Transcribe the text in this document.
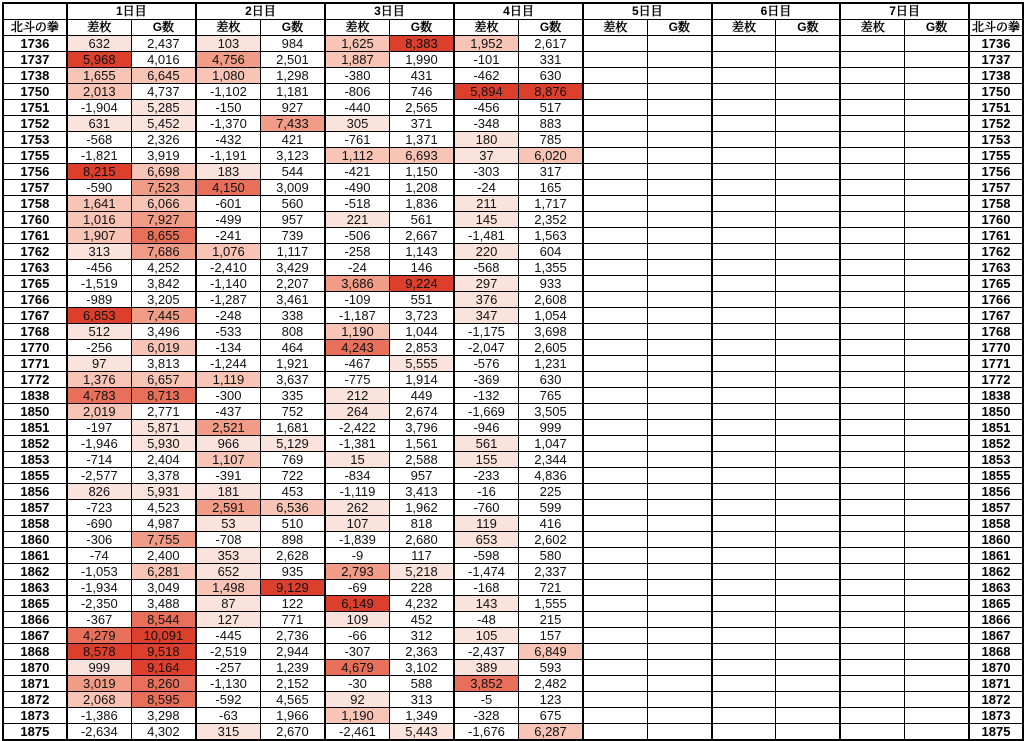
	1日目		2日目		3日目		4日目		5日目		6日目		7日目		
北斗の拳	差枚	G数	差枚	G数	差枚	G数	差枚	G数	差枚	G数	差枚	G数	差枚	G数	北斗の拳
1736	632	2,437	103	984	1,625	8,383	1,952	2,617							1736
1737	5,968	4,016	4,756	2,501	1,887	1,990	-101	331							1737
1738	1,655	6,645	1,080	1,298	-380	431	-462	630							1738
1750	2,013	4,737	-1,102	1,181	-806	746	5,894	8,876							1750
1751	-1,904	5,285	-150	927	-440	2,565	-456	517							1751
1752	631	5,452	-1,370	7,433	305	371	-348	883							1752
1753	-568	2,326	-432	421	-761	1,371	180	785							1753
1755	-1,821	3,919	-1,191	3,123	1,112	6,693	37	6,020							1755
1756	8,215	6,698	183	544	-421	1,150	-303	317							1756
1757	-590	7,523	4,150	3,009	-490	1,208	-24	165							1757
1758	1,641	6,066	-601	560	-518	1,836	211	1,717							1758
1760	1,016	7,927	-499	957	221	561	145	2,352							1760
1761	1,907	8,655	-241	739	-506	2,667	-1,481	1,563							1761
1762	313	7,686	1,076	1,117	-258	1,143	220	604							1762
1763	-456	4,252	-2,410	3,429	-24	146	-568	1,355							1763
1765	-1,519	3,842	-1,140	2,207	3,686	9,224	297	933							1765
1766	-989	3,205	-1,287	3,461	-109	551	376	2,608							1766
1767	6,853	7,445	-248	338	-1,187	3,723	347	1,054							1767
1768	512	3,496	-533	808	1,190	1,044	-1,175	3,698							1768
1770	-256	6,019	-134	464	4,243	2,853	-2,047	2,605							1770
1771	97	3,813	-1,244	1,921	-467	5,555	-576	1,231							1771
1772	1,376	6,657	1,119	3,637	-775	1,914	-369	630							1772
1838	4,783	8,713	-300	335	212	449	-132	765							1838
1850	2,019	2,771	-437	752	264	2,674	-1,669	3,505							1850
1851	-197	5,871	2,521	1,681	-2,422	3,796	-946	999							1851
1852	-1,946	5,930	966	5,129	-1,381	1,561	561	1,047							1852
1853	-714	2,404	1,107	769	15	2,588	155	2,344							1853
1855	-2,577	3,378	-391	722	-834	957	-233	4,836							1855
1856	826	5,931	181	453	-1,119	3,413	-16	225							1856
1857	-723	4,523	2,591	6,536	262	1,962	-760	599							1857
1858	-690	4,987	53	510	107	818	119	416							1858
1860	-306	7,755	-708	898	-1,839	2,680	653	2,602							1860
1861	-74	2,400	353	2,628	-9	117	-598	580							1861
1862	-1,053	6,281	652	935	2,793	5,218	-1,474	2,337							1862
1863	-1,934	3,049	1,498	9,129	-69	228	-168	721							1863
1865	-2,350	3,488	87	122	6,149	4,232	143	1,555							1865
1866	-367	8,544	127	771	109	452	-48	215							1866
1867	4,279	10,091	-445	2,736	-66	312	105	157							1867
1868	8,578	9,518	-2,519	2,944	-307	2,363	-2,437	6,849							1868
1870	999	9,164	-257	1,239	4,679	3,102	389	593							1870
1871	3,019	8,260	-1,130	2,152	-30	588	3,852	2,482							1871
1872	2,068	8,595	-592	4,565	92	313	-5	123							1872
1873	-1,386	3,298	-63	1,966	1,190	1,349	-328	675							1873
1875	-2,634	4,302	315	2,670	-2,461	5,443	-1,676	6,287							1875
